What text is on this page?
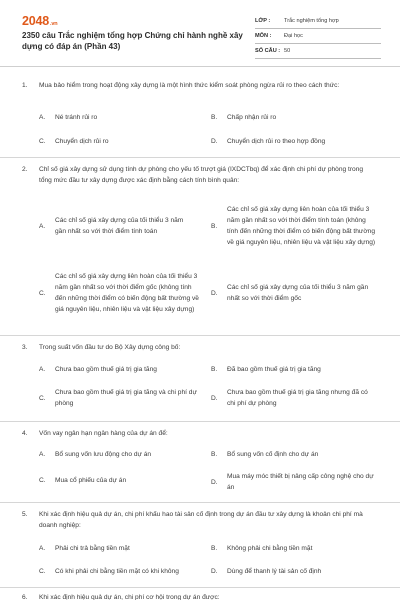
2048.vn
2350 câu Trắc nghiệm tổng hợp Chứng chỉ hành nghề xây dựng có đáp án (Phần 43)
LỚP :	Trắc nghiệm tổng hợp
MÔN :	Đại học
SỐ CÂU : 50
1.	Mua bảo hiểm trong hoạt động xây dựng là một hình thức kiểm soát phòng ngừa rủi ro theo cách thức:
A.	Né tránh rủi ro	B.	Chấp nhận rủi ro
C.	Chuyển dịch rủi ro	D.	Chuyển dịch rủi ro theo hợp đồng
2.	Chỉ số giá xây dựng sử dụng tính dự phòng cho yếu tố trượt giá (IXDCTbq) để xác định chi phí dự phòng trong tổng mức đầu tư xây dựng được xác định bằng cách tính bình quân:
A.
Các chỉ số giá xây dựng của tối thiểu 3 năm gần nhất so với thời điểm tính toán
B.
Các chỉ số giá xây dựng liên hoàn của tối thiểu 3 năm gần nhất so với thời điểm tính toán (không tính đến những thời điểm có biến động bất thường về giá nguyên liệu, nhiên liệu và vật liệu xây dựng)
C.
Các chỉ số giá xây dựng liên hoàn của tối thiểu 3 năm gần nhất so với thời điểm gốc (không tính đến những thời điểm có biến động bất thường về giá nguyên liệu, nhiên liệu và vật liệu xây dựng)
D.
Các chỉ số giá xây dựng của tối thiểu 3 năm gần nhất so với thời điểm gốc
3.	Trong suất vốn đầu tư do Bộ Xây dựng công bố:
A.	Chưa bao gồm thuế giá trị gia tăng	B.	Đã bao gồm thuế giá trị gia tăng
C.
Chưa bao gồm thuế giá trị gia tăng và chi phí dự phòng
D.
Chưa bao gồm thuế giá trị gia tăng nhưng đã có chi phí dự phòng
4.	Vốn vay ngân hạn ngân hàng của dự án để:
A.	Bổ sung vốn lưu động cho dự án	B.	Bổ sung vốn cố định cho dự án
C.	Mua cổ phiếu của dự án	D.
Mua máy móc thiết bị nâng cấp công nghệ cho dự án
5.	Khi xác định hiệu quả dự án, chi phí khấu hao tài sản cố định trong dự án đầu tư xây dựng là khoản chi phí mà doanh nghiệp:
A.	Phải chi trả bằng tiền mặt	B.	Không phải chi bằng tiền mặt
C.	Có khi phải chi bằng tiền mặt có khi không	D.	Dùng để thanh lý tài sản cố định
6.	Khi xác định hiệu quả dự án, chi phí cơ hội trong dự án được:
